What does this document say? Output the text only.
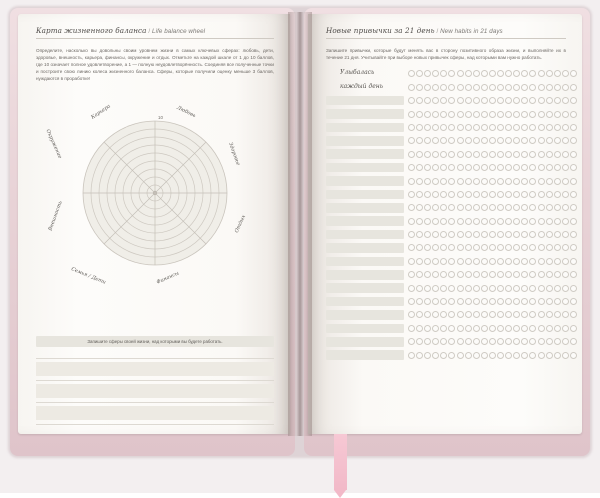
Карта жизненного баланса / Life balance wheel

Определите, насколько вы довольны своим уровнем жизни в самых ключевых сферах: любовь, дети, здоровье, внешность, карьера, финансы, окружение и отдых. Отметьте на каждой шкале от 1 до 10 баллов, где 10 означает полное удовлетворение, а 1 — полную неудовлетворённость. Соединяя все полученные точки и построите свою линию колеса жизненного баланса. Сферы, которые получили оценку меньше 3 баллов, нуждаются в проработке!

10
Карьера	Любовь
Здоровье
Отдых
Финансы
Семья / Дети
Внешность
Окружение
Запишите сферы своей жизни, над которыми вы будете работать.
Новые привычки за 21 день / New habits in 21 days

Запишите привычки, которые будут менять вас в сторону позитивного образа жизни, и выполняйте их в течение 21 дня. Учитывайте при выборе новых привычек сферы, над которыми вам нужно работать.

Улыбалась
каждый день
